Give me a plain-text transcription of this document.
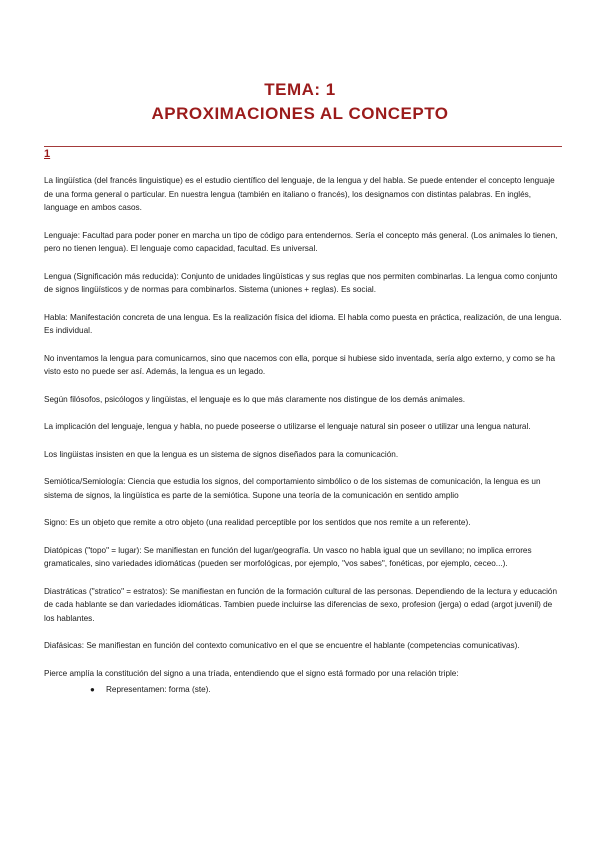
TEMA: 1
APROXIMACIONES AL CONCEPTO
1

La lingüística (del francés linguistique) es el estudio científico del lenguaje, de la lengua y del habla. Se puede entender el concepto lenguaje de una forma general o particular. En nuestra lengua (también en italiano o francés), los designamos con distintas palabras. En inglés, language en ambos casos.

Lenguaje: Facultad para poder poner en marcha un tipo de código para entendernos. Sería el concepto más general. (Los animales lo tienen, pero no tienen lengua). El lenguaje como capacidad, facultad. Es universal.

Lengua (Significación más reducida): Conjunto de unidades lingüísticas y sus reglas que nos permiten combinarlas. La lengua como conjunto de signos lingüísticos y de normas para combinarlos. Sistema (uniones + reglas). Es social.

Habla: Manifestación concreta de una lengua. Es la realización física del idioma. El habla como puesta en práctica, realización, de una lengua. Es individual.

No inventamos la lengua para comunicarnos, sino que nacemos con ella, porque si hubiese sido inventada, sería algo externo, y como se ha visto esto no puede ser así. Además, la lengua es un legado.

Según filósofos, psicólogos y lingüistas, el lenguaje es lo que más claramente nos distingue de los demás animales.

La implicación del lenguaje, lengua y habla, no puede poseerse o utilizarse el lenguaje natural sin poseer o utilizar una lengua natural.

Los lingüistas insisten en que la lengua es un sistema de signos diseñados para la comunicación.

Semiótica/Semiología: Ciencia que estudia los signos, del comportamiento simbólico o de los sistemas de comunicación, la lengua es un sistema de signos, la lingüística es parte de la semiótica. Supone una teoría de la comunicación en sentido amplio

Signo: Es un objeto que remite a otro objeto (una realidad perceptible por los sentidos que nos remite a un referente).

Diatópicas ("topo" = lugar): Se manifiestan en función del lugar/geografía. Un vasco no habla igual que un sevillano; no implica errores gramaticales, sino variedades idiomáticas (pueden ser morfológicas, por ejemplo, "vos sabes", fonéticas, por ejemplo, ceceo...).

Diastráticas ("stratico" = estratos): Se manifiestan en función de la formación cultural de las personas. Dependiendo de la lectura y educación de cada hablante se dan variedades idiomáticas. Tambien puede incluirse las diferencias de sexo, profesion (jerga) o edad (argot juvenil) de los hablantes.

Diafásicas: Se manifiestan en función del contexto comunicativo en el que se encuentre el hablante (competencias comunicativas).

Pierce amplía la constitución del signo a una tríada, entendiendo que el signo está formado por una relación triple:

● Representamen: forma (ste).
